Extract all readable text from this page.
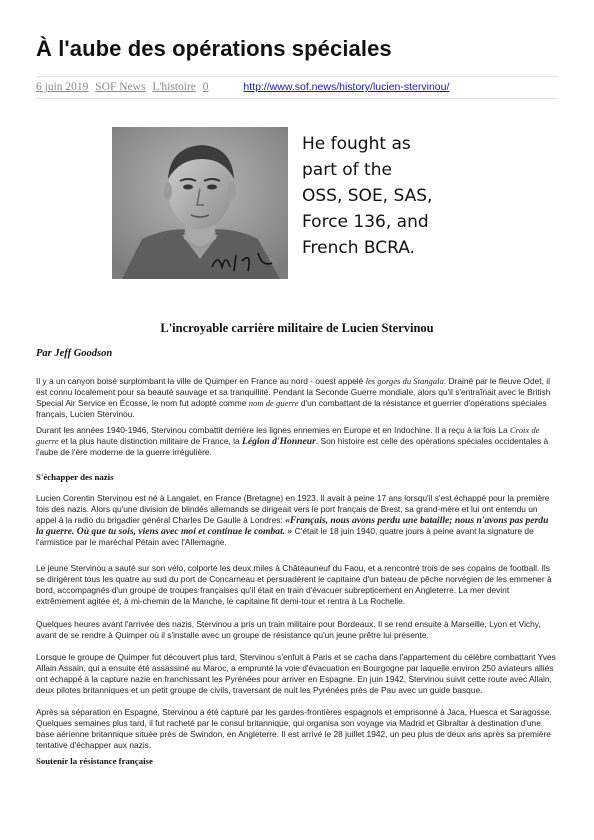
À l'aube des opérations spéciales
6 juin 2019 SOF News L'histoire 0	http://www.sof.news/history/lucien-stervinou/
He fought as
part of the
OSS, SOE, SAS,
Force 136, and
French BCRA.
L'incroyable carrière militaire de Lucien Stervinou
Par Jeff Goodson
Il y a un canyon boisé surplombant la ville de Quimper en France au nord - ouest appelé les gorges du Stangala. Drainé par le fleuve Odet, il est connu localement pour sa beauté sauvage et sa tranquillité. Pendant la Seconde Guerre mondiale, alors qu'il s'entraînait avec le British Special Air Service en Écosse, le nom fut adopté comme nom de guerre d'un combattant de la résistance et guerrier d'opérations spéciales français, Lucien Stervinou.
Durant les années 1940-1946, Stervinou combattit derrière les lignes ennemies en Europe et en Indochine. Il a reçu à la fois La Croix de guerre et la plus haute distinction militaire de France, la Légion d'Honneur. Son histoire est celle des opérations spéciales occidentales à l'aube de l'ère moderne de la guerre irrégulière.
S'échapper des nazis
Lucien Corentin Stervinou est né à Langalet, en France (Bretagne) en 1923. Il avait à peine 17 ans lorsqu'il s'est échappé pour la première fois des nazis. Alors qu'une division de blindés allemands se dirigeait vers le port français de Brest, sa grand-mère et lui ont entendu un appel à la radio du brigadier général Charles De Gaulle à Londres: «Français, nous avons perdu une bataille; nous n'avons pas perdu la guerre. Où que tu sois, viens avec moi et continue le combat. » C'était le 18 juin 1940, quatre jours à peine avant la signature de l'armistice par le maréchal Pétain avec l'Allemagne.
Le jeune Stervinou a sauté sur son vélo, colporté les deux miles à Châteauneuf du Faou, et a rencontré trois de ses copains de football. Ils se dirigèrent tous les quatre au sud du port de Concarneau et persuadèrent le capitaine d'un bateau de pêche norvégien de les emmener à bord, accompagnés d'un groupe de troupes françaises qu'il était en train d'évacuer subrepticement en Angleterre. La mer devint extrêmement agitée et, à mi-chemin de la Manche, le capitaine fit demi-tour et rentra à La Rochelle.
Quelques heures avant l'arrivée des nazis, Stervinou a pris un train militaire pour Bordeaux. Il se rend ensuite à Marseille, Lyon et Vichy, avant de se rendre à Quimper où il s'installe avec un groupe de résistance qu'un jeune prêtre lui présente.
Lorsque le groupe de Quimper fut découvert plus tard, Stervinou s'enfuit à Paris et se cacha dans l'appartement du célèbre combattant Yves Allain Assain, qui a ensuite été assassiné au Maroc, a emprunté la voie d'évacuation en Bourgogne par laquelle environ 250 aviateurs alliés ont échappé à la capture nazie en franchissant les Pyrénées pour arriver en Espagne. En juin 1942, Stervinou suivit cette route avec Allain, deux pilotes britanniques et un petit groupe de civils, traversant de nuit les Pyrénées près de Pau avec un guide basque.
Après sa séparation en Espagne, Stervinou a été capturé par les gardes-frontières espagnols et emprisonné à Jaca, Huesca et Saragosse. Quelques semaines plus tard, il fut racheté par le consul britannique, qui organisa son voyage via Madrid et Gibraltar à destination d'une base aérienne britannique située près de Swindon, en Angleterre. Il est arrivé le 28 juillet 1942, un peu plus de deux ans après sa première tentative d'échapper aux nazis.
Soutenir la résistance française
